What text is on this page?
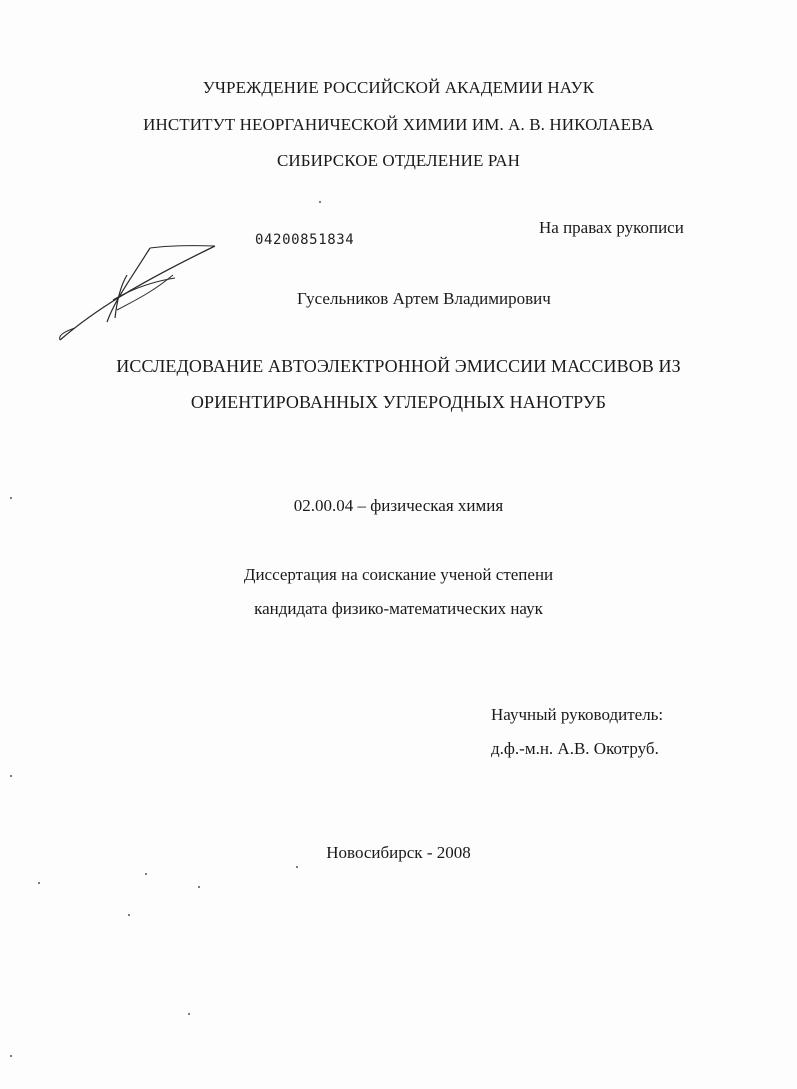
УЧРЕЖДЕНИЕ РОССИЙСКОЙ АКАДЕМИИ НАУК
ИНСТИТУТ НЕОРГАНИЧЕСКОЙ ХИМИИ ИМ. А. В. НИКОЛАЕВА
СИБИРСКОЕ ОТДЕЛЕНИЕ РАН
На правах рукописи
04200851834
Гусельников Артем Владимирович
ИССЛЕДОВАНИЕ АВТОЭЛЕКТРОННОЙ ЭМИССИИ МАССИВОВ ИЗ
ОРИЕНТИРОВАННЫХ УГЛЕРОДНЫХ НАНОТРУБ
02.00.04 – физическая химия
Диссертация на соискание ученой степени
кандидата физико-математических наук
Научный руководитель:
д.ф.-м.н. А.В. Окотруб.
Новосибирск - 2008
